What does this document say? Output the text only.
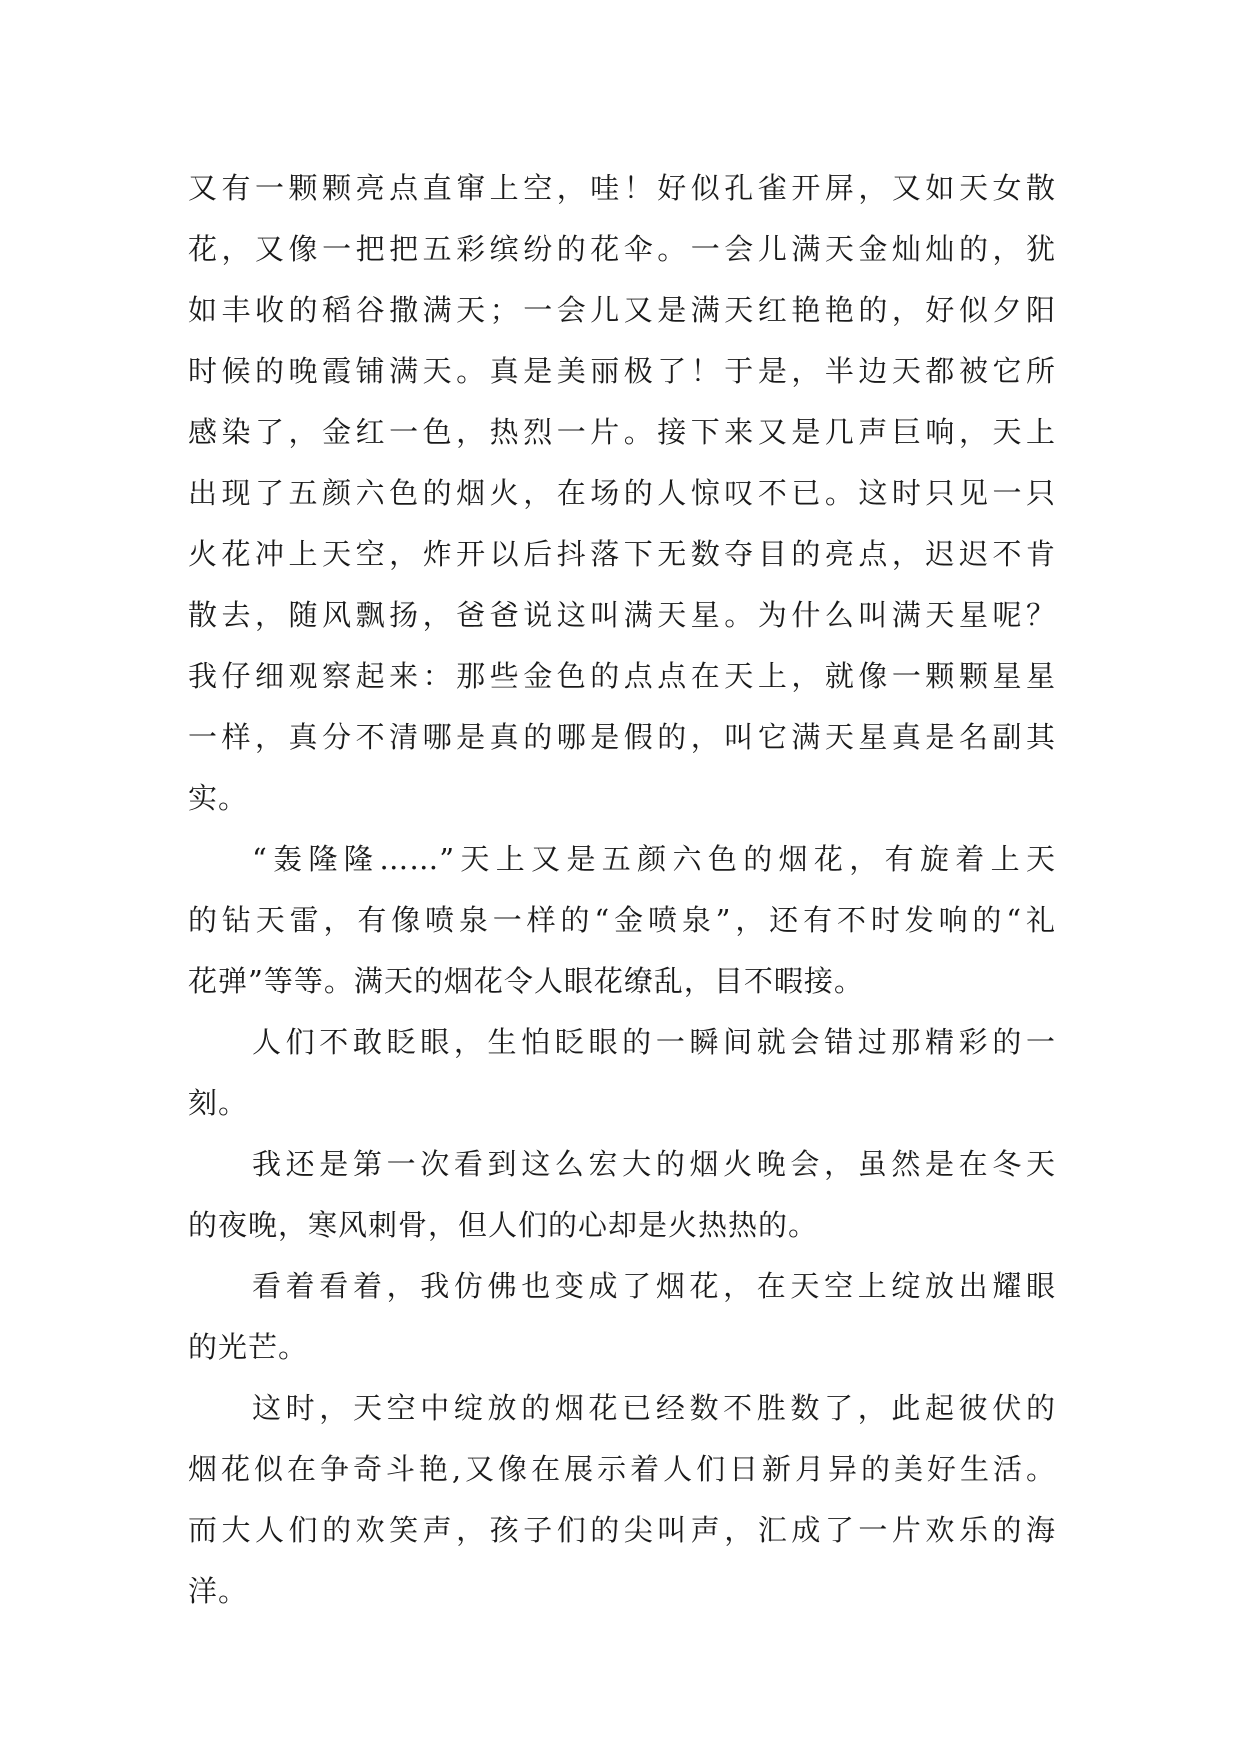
又有一颗颗亮点直窜上空，哇！好似孔雀开屏，又如天女散
花，又像一把把五彩缤纷的花伞。一会儿满天金灿灿的，犹
如丰收的稻谷撒满天；一会儿又是满天红艳艳的，好似夕阳
时候的晚霞铺满天。真是美丽极了！于是，半边天都被它所
感染了，金红一色，热烈一片。接下来又是几声巨响，天上
出现了五颜六色的烟火，在场的人惊叹不已。这时只见一只
火花冲上天空，炸开以后抖落下无数夺目的亮点，迟迟不肯
散去，随风飘扬，爸爸说这叫满天星。为什么叫满天星呢？
我仔细观察起来：那些金色的点点在天上，就像一颗颗星星
一样，真分不清哪是真的哪是假的，叫它满天星真是名副其
实。
“轰隆隆……”天上又是五颜六色的烟花，有旋着上天
的钻天雷，有像喷泉一样的“金喷泉”，还有不时发响的“礼
花弹”等等。满天的烟花令人眼花缭乱，目不暇接。
人们不敢眨眼，生怕眨眼的一瞬间就会错过那精彩的一
刻。
我还是第一次看到这么宏大的烟火晚会，虽然是在冬天
的夜晚，寒风刺骨，但人们的心却是火热热的。
看着看着，我仿佛也变成了烟花，在天空上绽放出耀眼
的光芒。
这时，天空中绽放的烟花已经数不胜数了，此起彼伏的
烟花似在争奇斗艳,又像在展示着人们日新月异的美好生活。
而大人们的欢笑声，孩子们的尖叫声，汇成了一片欢乐的海
洋。
